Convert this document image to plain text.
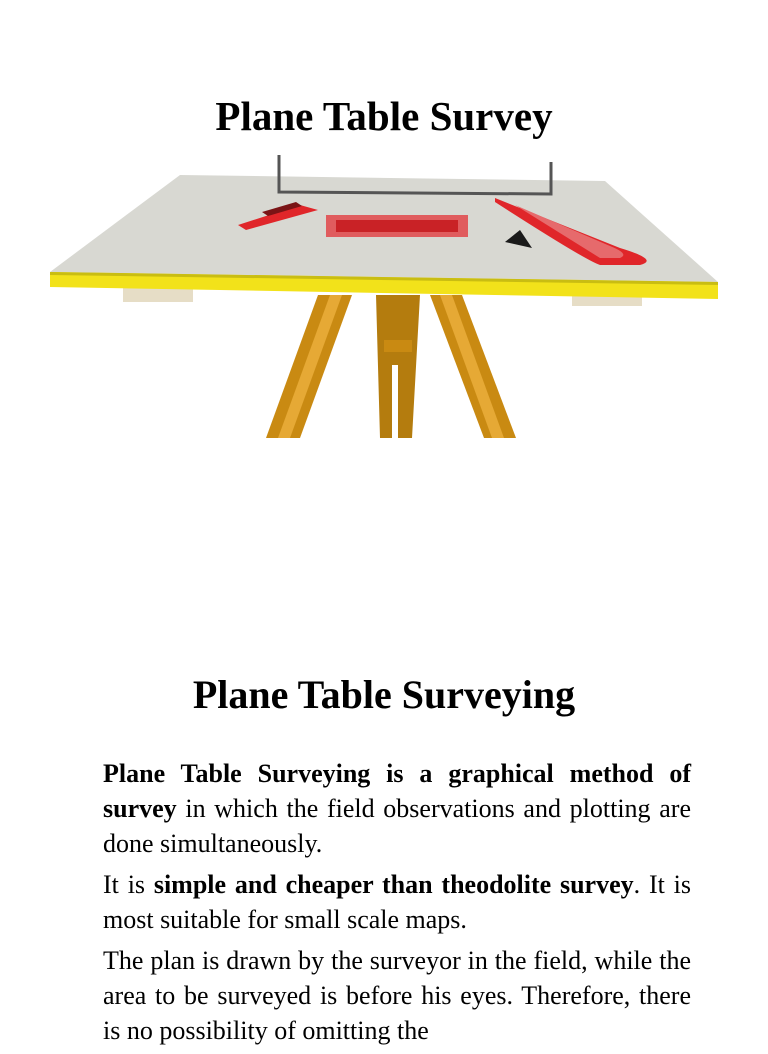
Plane Table Survey
Plane Table Surveying

Plane Table Surveying is a graphical method of survey in which the field observations and plotting are done simultaneously.

It is simple and cheaper than theodolite survey. It is most suitable for small scale maps.

The plan is drawn by the surveyor in the field, while the area to be surveyed is before his eyes. Therefore, there is no possibility of omitting the
